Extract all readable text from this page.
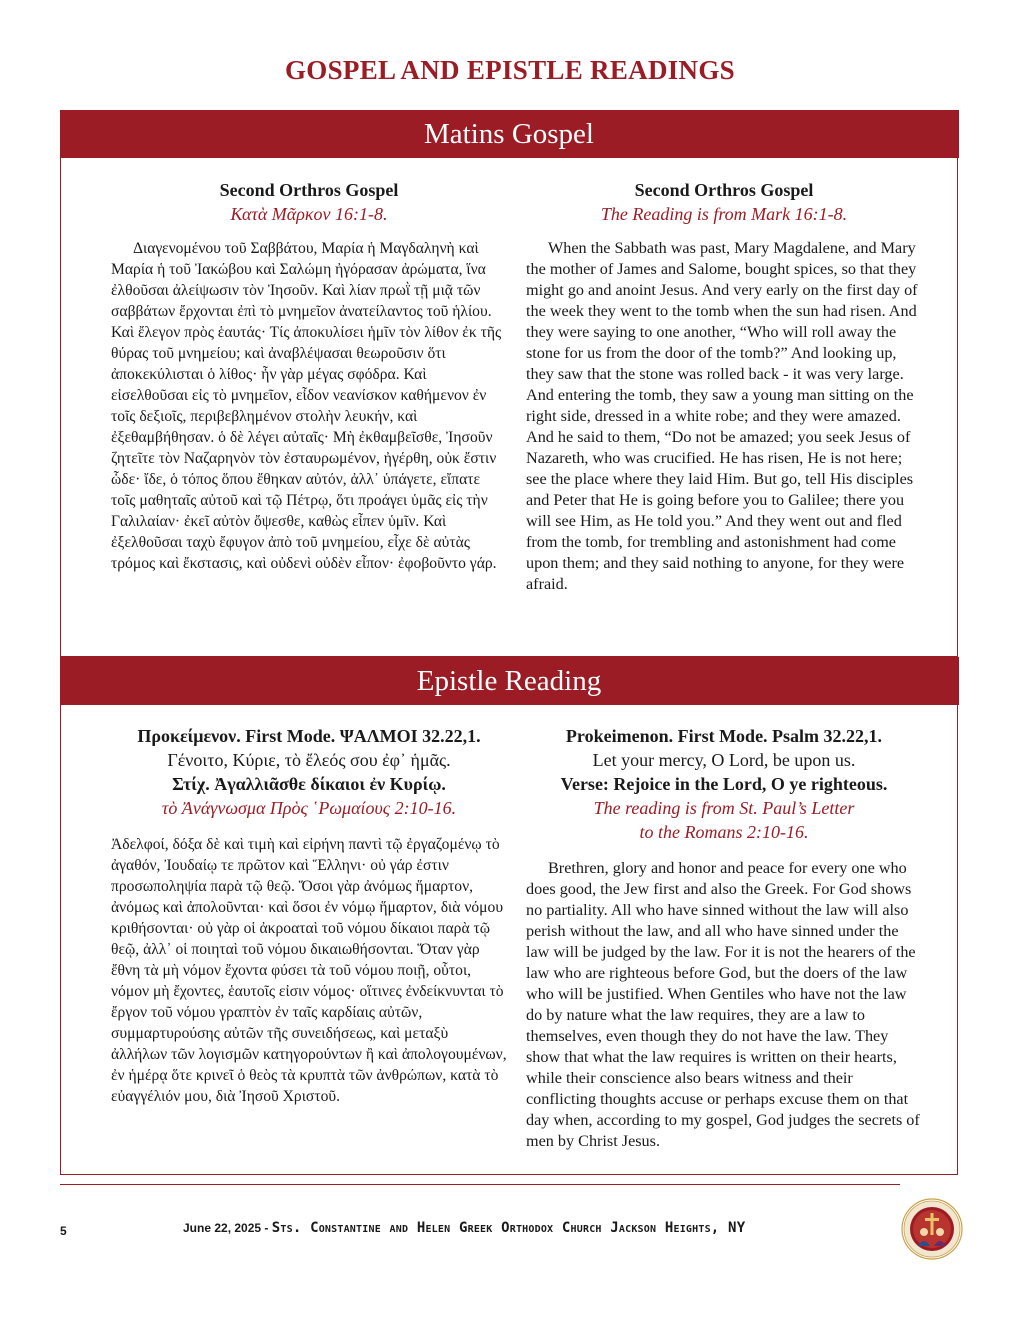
GOSPEL AND EPISTLE READINGS
Matins Gospel
Second Orthros Gospel
Κατὰ Μᾶρκον 16:1-8.
Διαγενομένου τοῦ Σαββάτου, Μαρία ἡ Μαγδαληνὴ καὶ Μαρία ἡ τοῦ Ἰακώβου καὶ Σαλώμη ἠγόρασαν ἀρώματα, ἵνα ἐλθοῦσαι ἀλείψωσιν τὸν Ἰησοῦν. Καὶ λίαν πρωῒ τῇ μιᾷ τῶν σαββάτων ἔρχονται ἐπὶ τὸ μνημεῖον ἀνατείλαντος τοῦ ἡλίου. Καὶ ἔλεγον πρὸς ἑαυτάς· Τίς ἀποκυλίσει ἡμῖν τὸν λίθον ἐκ τῆς θύρας τοῦ μνημείου; καὶ ἀναβλέψασαι θεωροῦσιν ὅτι ἀποκεκύλισται ὁ λίθος· ἦν γὰρ μέγας σφόδρα. Καὶ εἰσελθοῦσαι εἰς τὸ μνημεῖον, εἶδον νεανίσκον καθήμενον ἐν τοῖς δεξιοῖς, περιβεβλημένον στολὴν λευκήν, καὶ ἐξεθαμβήθησαν. ὁ δὲ λέγει αὐταῖς· Μὴ ἐκθαμβεῖσθε, Ἰησοῦν ζητεῖτε τὸν Ναζαρηνὸν τὸν ἐσταυρωμένον, ἠγέρθη, οὐκ ἔστιν ὧδε· ἴδε, ὁ τόπος ὅπου ἔθηκαν αὐτόν, ἀλλ᾽ ὑπάγετε, εἴπατε τοῖς μαθηταῖς αὐτοῦ καὶ τῷ Πέτρῳ, ὅτι προάγει ὑμᾶς εἰς τὴν Γαλιλαίαν· ἐκεῖ αὐτὸν ὄψεσθε, καθὼς εἶπεν ὑμῖν. Καὶ ἐξελθοῦσαι ταχὺ ἔφυγον ἀπὸ τοῦ μνημείου, εἶχε δὲ αὐτὰς τρόμος καὶ ἔκστασις, καὶ οὐδενὶ οὐδὲν εἶπον· ἐφοβοῦντο γάρ.
Second Orthros Gospel
The Reading is from Mark 16:1-8.
When the Sabbath was past, Mary Magdalene, and Mary the mother of James and Salome, bought spices, so that they might go and anoint Jesus. And very early on the first day of the week they went to the tomb when the sun had risen. And they were saying to one another, “Who will roll away the stone for us from the door of the tomb?” And looking up, they saw that the stone was rolled back - it was very large. And entering the tomb, they saw a young man sitting on the right side, dressed in a white robe; and they were amazed. And he said to them, “Do not be amazed; you seek Jesus of Nazareth, who was crucified. He has risen, He is not here; see the place where they laid Him. But go, tell His disciples and Peter that He is going before you to Galilee; there you will see Him, as He told you.” And they went out and fled from the tomb, for trembling and astonishment had come upon them; and they said nothing to anyone, for they were afraid.
Epistle Reading
Προκείμενον. First Mode. ΨΑΛΜΟΙ 32.22,1.
Γένοιτο, Κύριε, τὸ ἔλεός σου ἐφ᾽ ἡμᾶς.
Στίχ. Ἀγαλλιᾶσθε δίκαιοι ἐν Κυρίῳ.
τὸ Ἀνάγνωσμα Πρὸς ῾Ρωμαίους 2:10-16.
Ἀδελφοί, δόξα δὲ καὶ τιμὴ καὶ εἰρήνη παντὶ τῷ ἐργαζομένῳ τὸ ἀγαθόν, Ἰουδαίῳ τε πρῶτον καὶ Ἕλληνι· οὐ γάρ ἐστιν προσωποληψία παρὰ τῷ θεῷ. Ὅσοι γὰρ ἀνόμως ἥμαρτον, ἀνόμως καὶ ἀπολοῦνται· καὶ ὅσοι ἐν νόμῳ ἥμαρτον, διὰ νόμου κριθήσονται· οὐ γὰρ οἱ ἀκροαταὶ τοῦ νόμου δίκαιοι παρὰ τῷ θεῷ, ἀλλ᾽ οἱ ποιηταὶ τοῦ νόμου δικαιωθήσονται. Ὅταν γὰρ ἔθνη τὰ μὴ νόμον ἔχοντα φύσει τὰ τοῦ νόμου ποιῇ, οὗτοι, νόμον μὴ ἔχοντες, ἑαυτοῖς εἰσιν νόμος· οἵτινες ἐνδείκνυνται τὸ ἔργον τοῦ νόμου γραπτὸν ἐν ταῖς καρδίαις αὐτῶν, συμμαρτυρούσης αὐτῶν τῆς συνειδήσεως, καὶ μεταξὺ ἀλλήλων τῶν λογισμῶν κατηγορούντων ἢ καὶ ἀπολογουμένων, ἐν ἡμέρᾳ ὅτε κρινεῖ ὁ θεὸς τὰ κρυπτὰ τῶν ἀνθρώπων, κατὰ τὸ εὐαγγέλιόν μου, διὰ Ἰησοῦ Χριστοῦ.
Prokeimenon. First Mode. Psalm 32.22,1.
Let your mercy, O Lord, be upon us.
Verse: Rejoice in the Lord, O ye righteous.
The reading is from St. Paul’s Letter
to the Romans 2:10-16.
Brethren, glory and honor and peace for every one who does good, the Jew first and also the Greek. For God shows no partiality. All who have sinned without the law will also perish without the law, and all who have sinned under the law will be judged by the law. For it is not the hearers of the law who are righteous before God, but the doers of the law who will be justified. When Gentiles who have not the law do by nature what the law requires, they are a law to themselves, even though they do not have the law. They show that what the law requires is written on their hearts, while their conscience also bears witness and their conflicting thoughts accuse or perhaps excuse them on that day when, according to my gospel, God judges the secrets of men by Christ Jesus.
5	June 22, 2025 - Sts. Constantine and Helen Greek Orthodox Church Jackson Heights, NY
